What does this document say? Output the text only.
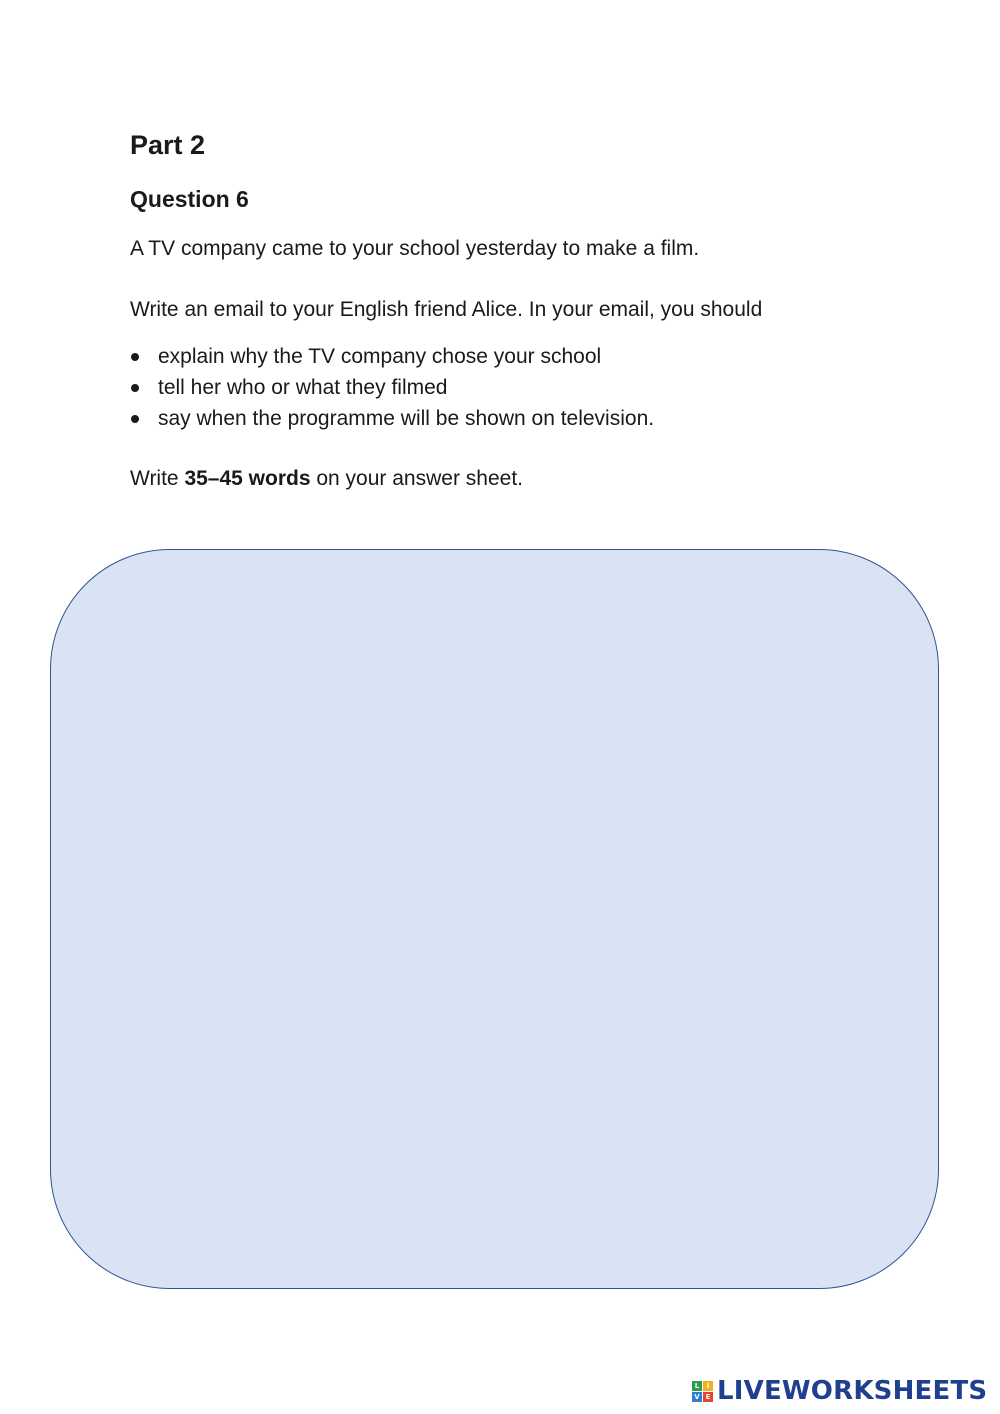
Part 2
Question 6

A TV company came to your school yesterday to make a film.

Write an email to your English friend Alice. In your email, you should

explain why the TV company chose your school
tell her who or what they filmed
say when the programme will be shown on television.

Write 35–45 words on your answer sheet.

L	I
V E LIVEWORKSHEETS
